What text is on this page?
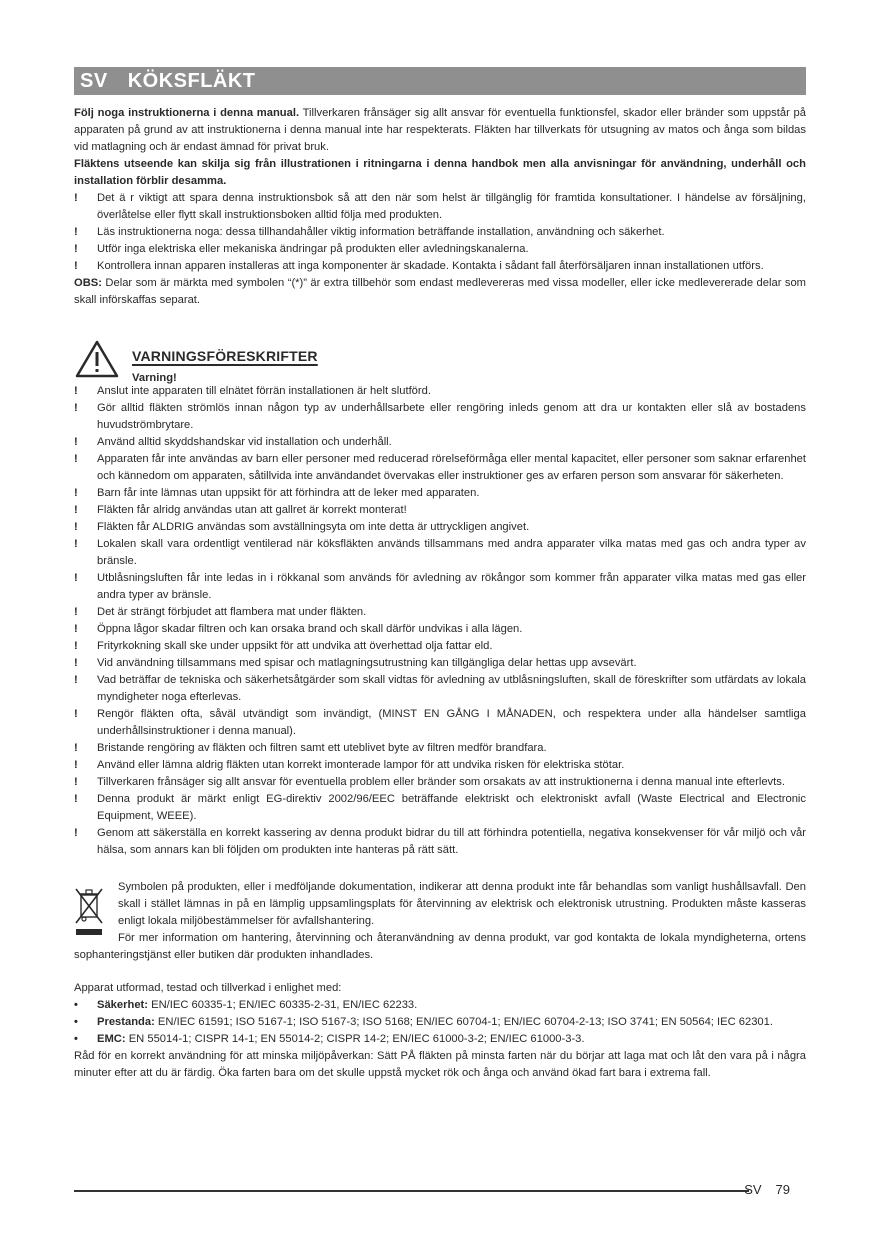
SV KÖKSFLÄKT

Följ noga instruktionerna i denna manual. Tillverkaren frånsäger sig allt ansvar för eventuella funktionsfel, skador eller bränder som uppstår på apparaten på grund av att instruktionerna i denna manual inte har respekterats. Fläkten har tillverkats för utsugning av matos och ånga som bildas vid matlagning och är endast ämnad för privat bruk.

Fläktens utseende kan skilja sig från illustrationen i ritningarna i denna handbok men alla anvisningar för användning, underhåll och installation förblir desamma.

! Det ä r viktigt att spara denna instruktionsbok så att den när som helst är tillgänglig för framtida konsultationer. I händelse av försäljning, överlåtelse eller flytt skall instruktionsboken alltid följa med produkten.
! Läs instruktionerna noga: dessa tillhandahåller viktig information beträffande installation, användning och säkerhet.
! Utför inga elektriska eller mekaniska ändringar på produkten eller avledningskanalerna.
! Kontrollera innan apparen installeras att inga komponenter är skadade. Kontakta i sådant fall återförsäljaren innan installationen utförs.

OBS: Delar som är märkta med symbolen “(*)” är extra tillbehör som endast medlevereras med vissa modeller, eller icke medlevererade delar som skall införskaffas separat.

VARNINGSFÖRESKRIFTER
Varning!
! Anslut inte apparaten till elnätet förrän installationen är helt slutförd.
! Gör alltid fläkten strömlös innan någon typ av underhållsarbete eller rengöring inleds genom att dra ur kontakten eller slå av bostadens huvudströmbrytare.
! Använd alltid skyddshandskar vid installation och underhåll.
! Apparaten får inte användas av barn eller personer med reducerad rörelseförmåga eller mental kapacitet, eller personer som saknar erfarenhet och kännedom om apparaten, såtillvida inte användandet övervakas eller instruktioner ges av erfaren person som ansvarar för säkerheten.
! Barn får inte lämnas utan uppsikt för att förhindra att de leker med apparaten.
! Fläkten får alridg användas utan att gallret är korrekt monterat!
! Fläkten får ALDRIG användas som avställningsyta om inte detta är uttryckligen angivet.
! Lokalen skall vara ordentligt ventilerad när köksfläkten används tillsammans med andra apparater vilka matas med gas och andra typer av bränsle.
! Utblåsningsluften får inte ledas in i rökkanal som används för avledning av rökångor som kommer från apparater vilka matas med gas eller andra typer av bränsle.
! Det är strängt förbjudet att flambera mat under fläkten.
! Öppna lågor skadar filtren och kan orsaka brand och skall därför undvikas i alla lägen.
! Frityrkokning skall ske under uppsikt för att undvika att överhettad olja fattar eld.
! Vid användning tillsammans med spisar och matlagningsutrustning kan tillgängliga delar hettas upp avsevärt.
! Vad beträffar de tekniska och säkerhetsåtgärder som skall vidtas för avledning av utblåsningsluften, skall de föreskrifter som utfärdats av lokala myndigheter noga efterlevas.
! Rengör fläkten ofta, såväl utvändigt som invändigt, (MINST EN GÅNG I MÅNADEN, och respektera under alla händelser samtliga underhållsinstruktioner i denna manual).
! Bristande rengöring av fläkten och filtren samt ett uteblivet byte av filtren medför brandfara.
! Använd eller lämna aldrig fläkten utan korrekt imonterade lampor för att undvika risken för elektriska stötar.
! Tillverkaren frånsäger sig allt ansvar för eventuella problem eller bränder som orsakats av att instruktionerna i denna manual inte efterlevts.
! Denna produkt är märkt enligt EG-direktiv 2002/96/EEC beträffande elektriskt och elektroniskt avfall (Waste Electrical and Electronic Equipment, WEEE).
! Genom att säkerställa en korrekt kassering av denna produkt bidrar du till att förhindra potentiella, negativa konsekvenser för vår miljö och vår hälsa, som annars kan bli följden om produkten inte hanteras på rätt sätt.

Symbolen på produkten, eller i medföljande dokumentation, indikerar att denna produkt inte får behandlas som vanligt hushållsavfall. Den skall i stället lämnas in på en lämplig uppsamlingsplats för återvinning av elektrisk och elektronisk utrustning. Produkten måste kasseras enligt lokala miljöbestämmelser för avfallshantering.

För mer information om hantering, återvinning och återanvändning av denna produkt, var god kontakta de lokala myndigheterna, ortens sophanteringstjänst eller butiken där produkten inhandlades.

Apparat utformad, testad och tillverkad i enlighet med:

• Säkerhet: EN/IEC 60335-1; EN/IEC 60335-2-31, EN/IEC 62233.
• Prestanda: EN/IEC 61591; ISO 5167-1; ISO 5167-3; ISO 5168; EN/IEC 60704-1; EN/IEC 60704-2-13; ISO 3741; EN 50564; IEC 62301.
• EMC: EN 55014-1; CISPR 14-1; EN 55014-2; CISPR 14-2; EN/IEC 61000-3-2; EN/IEC 61000-3-3.

Råd för en korrekt användning för att minska miljöpåverkan: Sätt PÅ fläkten på minsta farten när du börjar att laga mat och låt den vara på i några minuter efter att du är färdig. Öka farten bara om det skulle uppstå mycket rök och ånga och använd ökad fart bara i extrema fall.

SV 79
